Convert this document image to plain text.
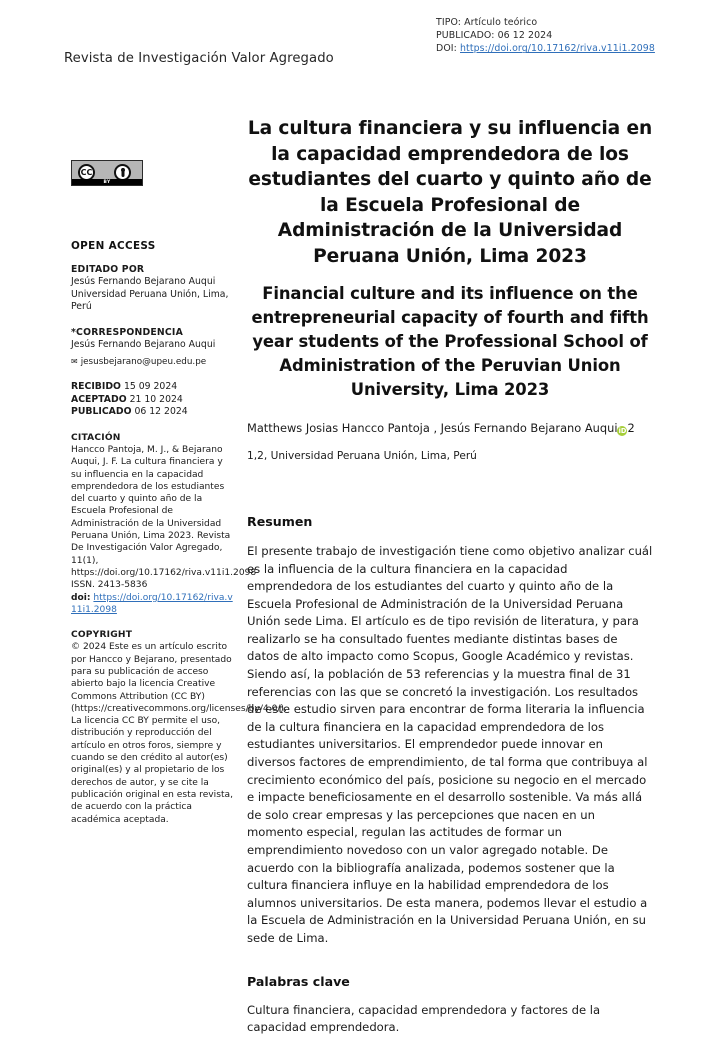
TIPO: Artículo teórico
PUBLICADO: 06 12 2024
DOI: https://doi.org/10.17162/riva.v11i1.2098
Revista de Investigación Valor Agregado
CC
BY
OPEN ACCESS
EDITADO POR
Jesús Fernando Bejarano Auqui Universidad Peruana Unión, Lima, Perú
*CORRESPONDENCIA
Jesús Fernando Bejarano Auqui
✉ jesusbejarano@upeu.edu.pe
RECIBIDO 15 09 2024
ACEPTADO 21 10 2024
PUBLICADO 06 12 2024
CITACIÓN
Hancco Pantoja, M. J., & Bejarano Auqui, J. F. La cultura financiera y su influencia en la capacidad emprendedora de los estudiantes del cuarto y quinto año de la Escuela Profesional de Administración de la Universidad Peruana Unión, Lima 2023. Revista De Investigación Valor Agregado, 11(1), https://doi.org/10.17162/riva.v11i1.2098
ISSN. 2413-5836
doi: https://doi.org/10.17162/riva.v11i1.2098
COPYRIGHT
© 2024 Este es un artículo escrito por Hancco y Bejarano, presentado para su publicación de acceso abierto bajo la licencia Creative Commons Attribution (CC BY) (https://creativecommons.org/licenses/by/4.0/). La licencia CC BY permite el uso, distribución y reproducción del artículo en otros foros, siempre y cuando se den crédito al autor(es) original(es) y al propietario de los derechos de autor, y se cite la publicación original en esta revista, de acuerdo con la práctica académica aceptada.
La cultura financiera y su influencia en la capacidad emprendedora de los estudiantes del cuarto y quinto año de la Escuela Profesional de Administración de la Universidad Peruana Unión, Lima 2023
Financial culture and its influence on the entrepreneurial capacity of fourth and fifth year students of the Professional School of Administration of the Peruvian Union University, Lima 2023
Matthews Josias Hancco Pantoja , Jesús Fernando Bejarano AuquiiD2
1,2, Universidad Peruana Unión, Lima, Perú
Resumen
El presente trabajo de investigación tiene como objetivo analizar cuál es la influencia de la cultura financiera en la capacidad emprendedora de los estudiantes del cuarto y quinto año de la Escuela Profesional de Administración de la Universidad Peruana Unión sede Lima. El artículo es de tipo revisión de literatura, y para realizarlo se ha consultado fuentes mediante distintas bases de datos de alto impacto como Scopus, Google Académico y revistas. Siendo así, la población de 53 referencias y la muestra final de 31 referencias con las que se concretó la investigación. Los resultados de este estudio sirven para encontrar de forma literaria la influencia de la cultura financiera en la capacidad emprendedora de los estudiantes universitarios. El emprendedor puede innovar en diversos factores de emprendimiento, de tal forma que contribuya al crecimiento económico del país, posicione su negocio en el mercado e impacte beneficiosamente en el desarrollo sostenible. Va más allá de solo crear empresas y las percepciones que nacen en un momento especial, regulan las actitudes de formar un emprendimiento novedoso con un valor agregado notable. De acuerdo con la bibliografía analizada, podemos sostener que la cultura financiera influye en la habilidad emprendedora de los alumnos universitarios. De esta manera, podemos llevar el estudio a la Escuela de Administración en la Universidad Peruana Unión, en su sede de Lima.
Palabras clave
Cultura financiera, capacidad emprendedora y factores de la capacidad emprendedora.
